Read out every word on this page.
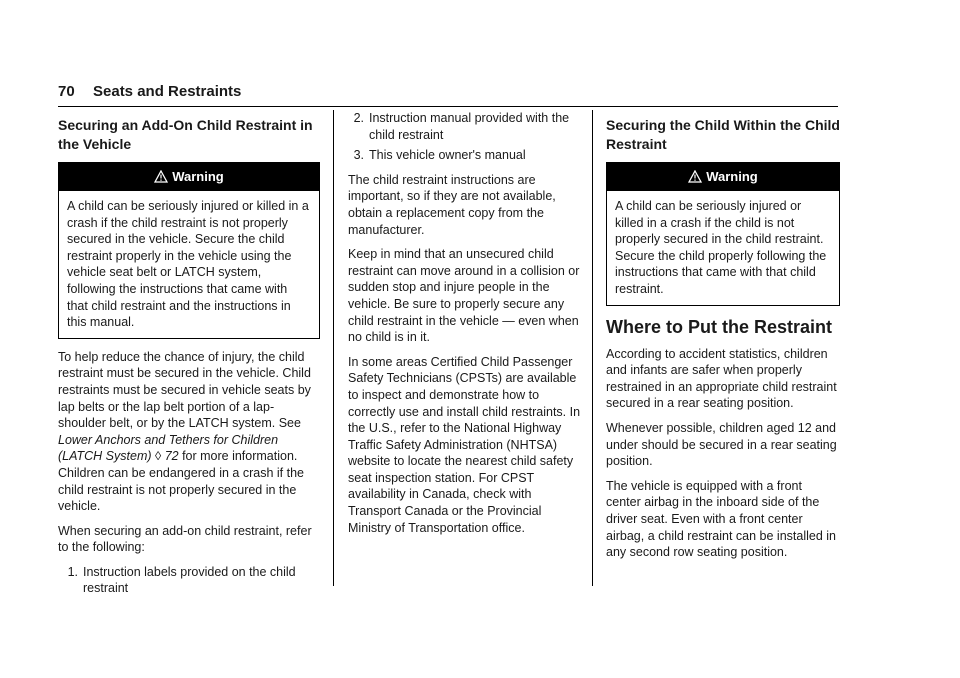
70 Seats and Restraints
Securing an Add-On Child Restraint in the Vehicle
Warning
A child can be seriously injured or killed in a crash if the child restraint is not properly secured in the vehicle. Secure the child restraint properly in the vehicle using the vehicle seat belt or LATCH system, following the instructions that came with that child restraint and the instructions in this manual.

To help reduce the chance of injury, the child restraint must be secured in the vehicle. Child restraints must be secured in vehicle seats by lap belts or the lap belt portion of a lap-shoulder belt, or by the LATCH system. See Lower Anchors and Tethers for Children (LATCH System) ◊ 72 for more information. Children can be endangered in a crash if the child restraint is not properly secured in the vehicle.

When securing an add-on child restraint, refer to the following:

1. Instruction labels provided on the child restraint
2. Instruction manual provided with the child restraint
3. This vehicle owner's manual

The child restraint instructions are important, so if they are not available, obtain a replacement copy from the manufacturer.

Keep in mind that an unsecured child restraint can move around in a collision or sudden stop and injure people in the vehicle. Be sure to properly secure any child restraint in the vehicle — even when no child is in it.

In some areas Certified Child Passenger Safety Technicians (CPSTs) are available to inspect and demonstrate how to correctly use and install child restraints. In the U.S., refer to the National Highway Traffic Safety Administration (NHTSA) website to locate the nearest child safety seat inspection station. For CPST availability in Canada, check with Transport Canada or the Provincial Ministry of Transportation office.

Securing the Child Within the Child Restraint
Warning
A child can be seriously injured or killed in a crash if the child is not properly secured in the child restraint. Secure the child properly following the instructions that came with that child restraint.
Where to Put the Restraint

According to accident statistics, children and infants are safer when properly restrained in an appropriate child restraint secured in a rear seating position.

Whenever possible, children aged 12 and under should be secured in a rear seating position.

The vehicle is equipped with a front center airbag in the inboard side of the driver seat. Even with a front center airbag, a child restraint can be installed in any second row seating position.
